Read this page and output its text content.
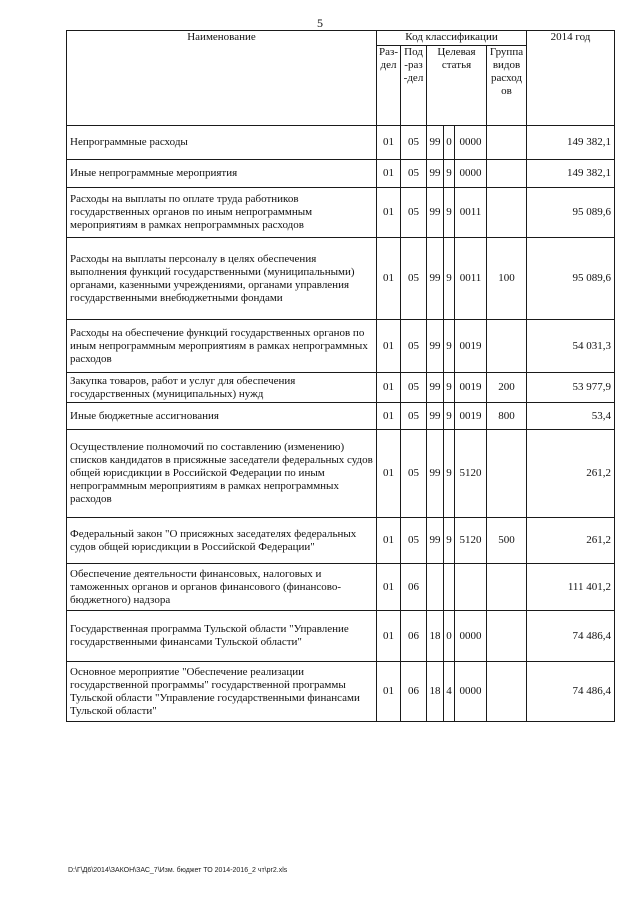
5
Наименование	Код классификации						2014 год
	Раз-дел	Под-раз-дел	Целевая статья			Группа видов расходов	
Непрограммные расходы	01	05	99	0	0000		149 382,1
Иные непрограммные мероприятия	01	05	99	9	0000		149 382,1
Расходы на выплаты по оплате труда работников государственных органов по иным непрограммным мероприятиям в рамках непрограммных расходов	01	05	99	9	0011		95 089,6
Расходы на выплаты персоналу в целях обеспечения выполнения функций государственными (муниципальными) органами, казенными учреждениями, органами управления государственными внебюджетными фондами	01	05	99	9	0011	100	95 089,6
Расходы на обеспечение функций государственных органов по иным непрограммным мероприятиям в рамках непрограммных расходов	01	05	99	9	0019		54 031,3
Закупка товаров, работ и услуг для обеспечения государственных (муниципальных) нужд	01	05	99	9	0019	200	53 977,9
Иные бюджетные ассигнования	01	05	99	9	0019	800	53,4
Осуществление полномочий по составлению (изменению) списков кандидатов в присяжные заседатели федеральных судов общей юрисдикции в Российской Федерации по иным непрограммным мероприятиям в рамках непрограммных расходов	01	05	99	9	5120		261,2
Федеральный закон "О присяжных заседателях федеральных судов общей юрисдикции в Российской Федерации"	01	05	99	9	5120	500	261,2
Обеспечение деятельности финансовых, налоговых и таможенных органов и органов финансового (финансово-бюджетного) надзора	01	06					111 401,2
Государственная программа Тульской области "Управление государственными финансами Тульской области"	01	06	18	0	0000		74 486,4
Основное мероприятие "Обеспечение реализации государственной программы" государственной программы Тульской области "Управление государственными финансами Тульской области"	01	06	18	4	0000		74 486,4
D:\Г\Д6\2014\ЗАКОН\ЗАС_7\Изм. бюджет ТО 2014-2016_2 чт\pr2.xls
